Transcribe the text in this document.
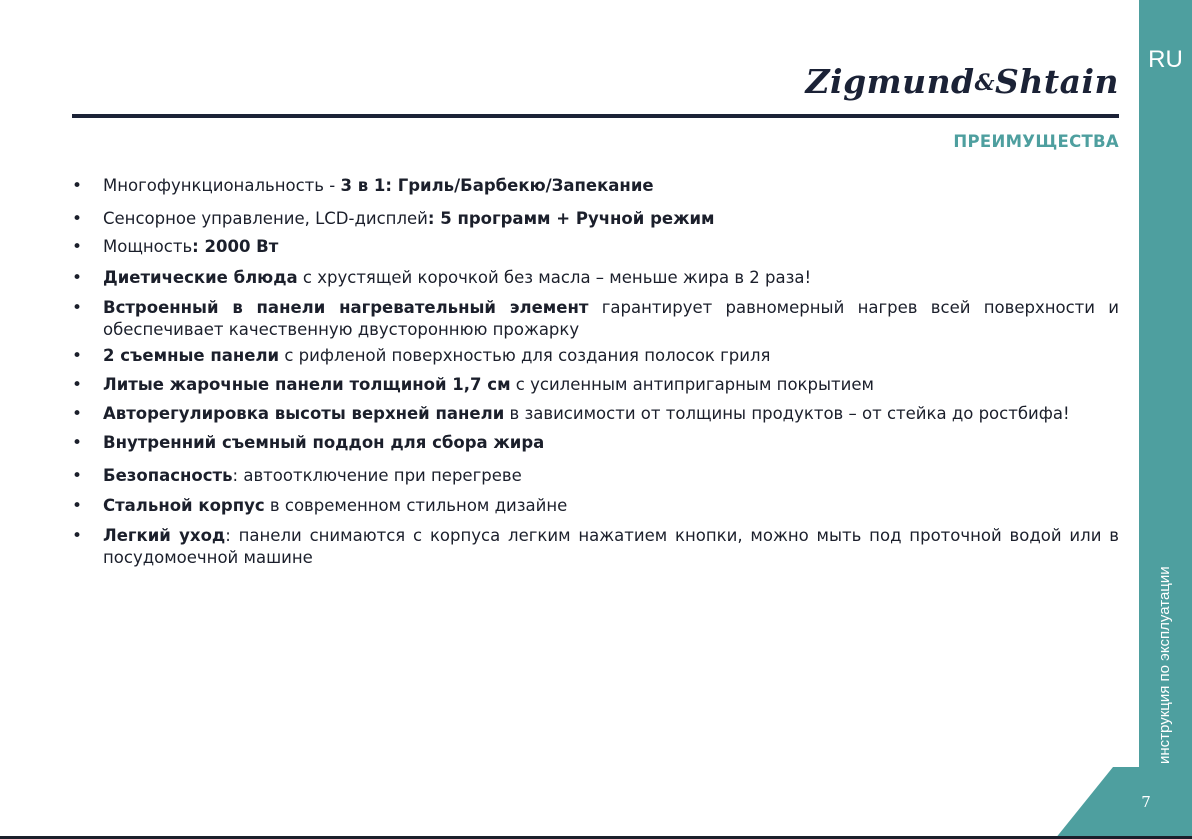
RU
инструкция по эксплуатации
7
Zigmund&Shtain
ПРЕИМУЩЕСТВА
• Многофункциональность - 3 в 1: Гриль/Барбекю/Запекание
• Сенсорное управление, LCD-дисплей: 5 программ + Ручной режим
• Мощность: 2000 Вт
• Диетические блюда с хрустящей корочкой без масла – меньше жира в 2 раза!
• Встроенный в панели нагревательный элемент гарантирует равномерный нагрев всей поверхности и обеспечивает качественную двустороннюю прожарку
• 2 съемные панели с рифленой поверхностью для создания полосок гриля
• Литые жарочные панели толщиной 1,7 см с усиленным антипригарным покрытием
• Авторегулировка высоты верхней панели в зависимости от толщины продуктов – от стейка до ростбифа!
• Внутренний съемный поддон для сбора жира
• Безопасность: автоотключение при перегреве
• Стальной корпус в современном стильном дизайне
• Легкий уход: панели снимаются с корпуса легким нажатием кнопки, можно мыть под проточной водой или в посудомоечной машине
